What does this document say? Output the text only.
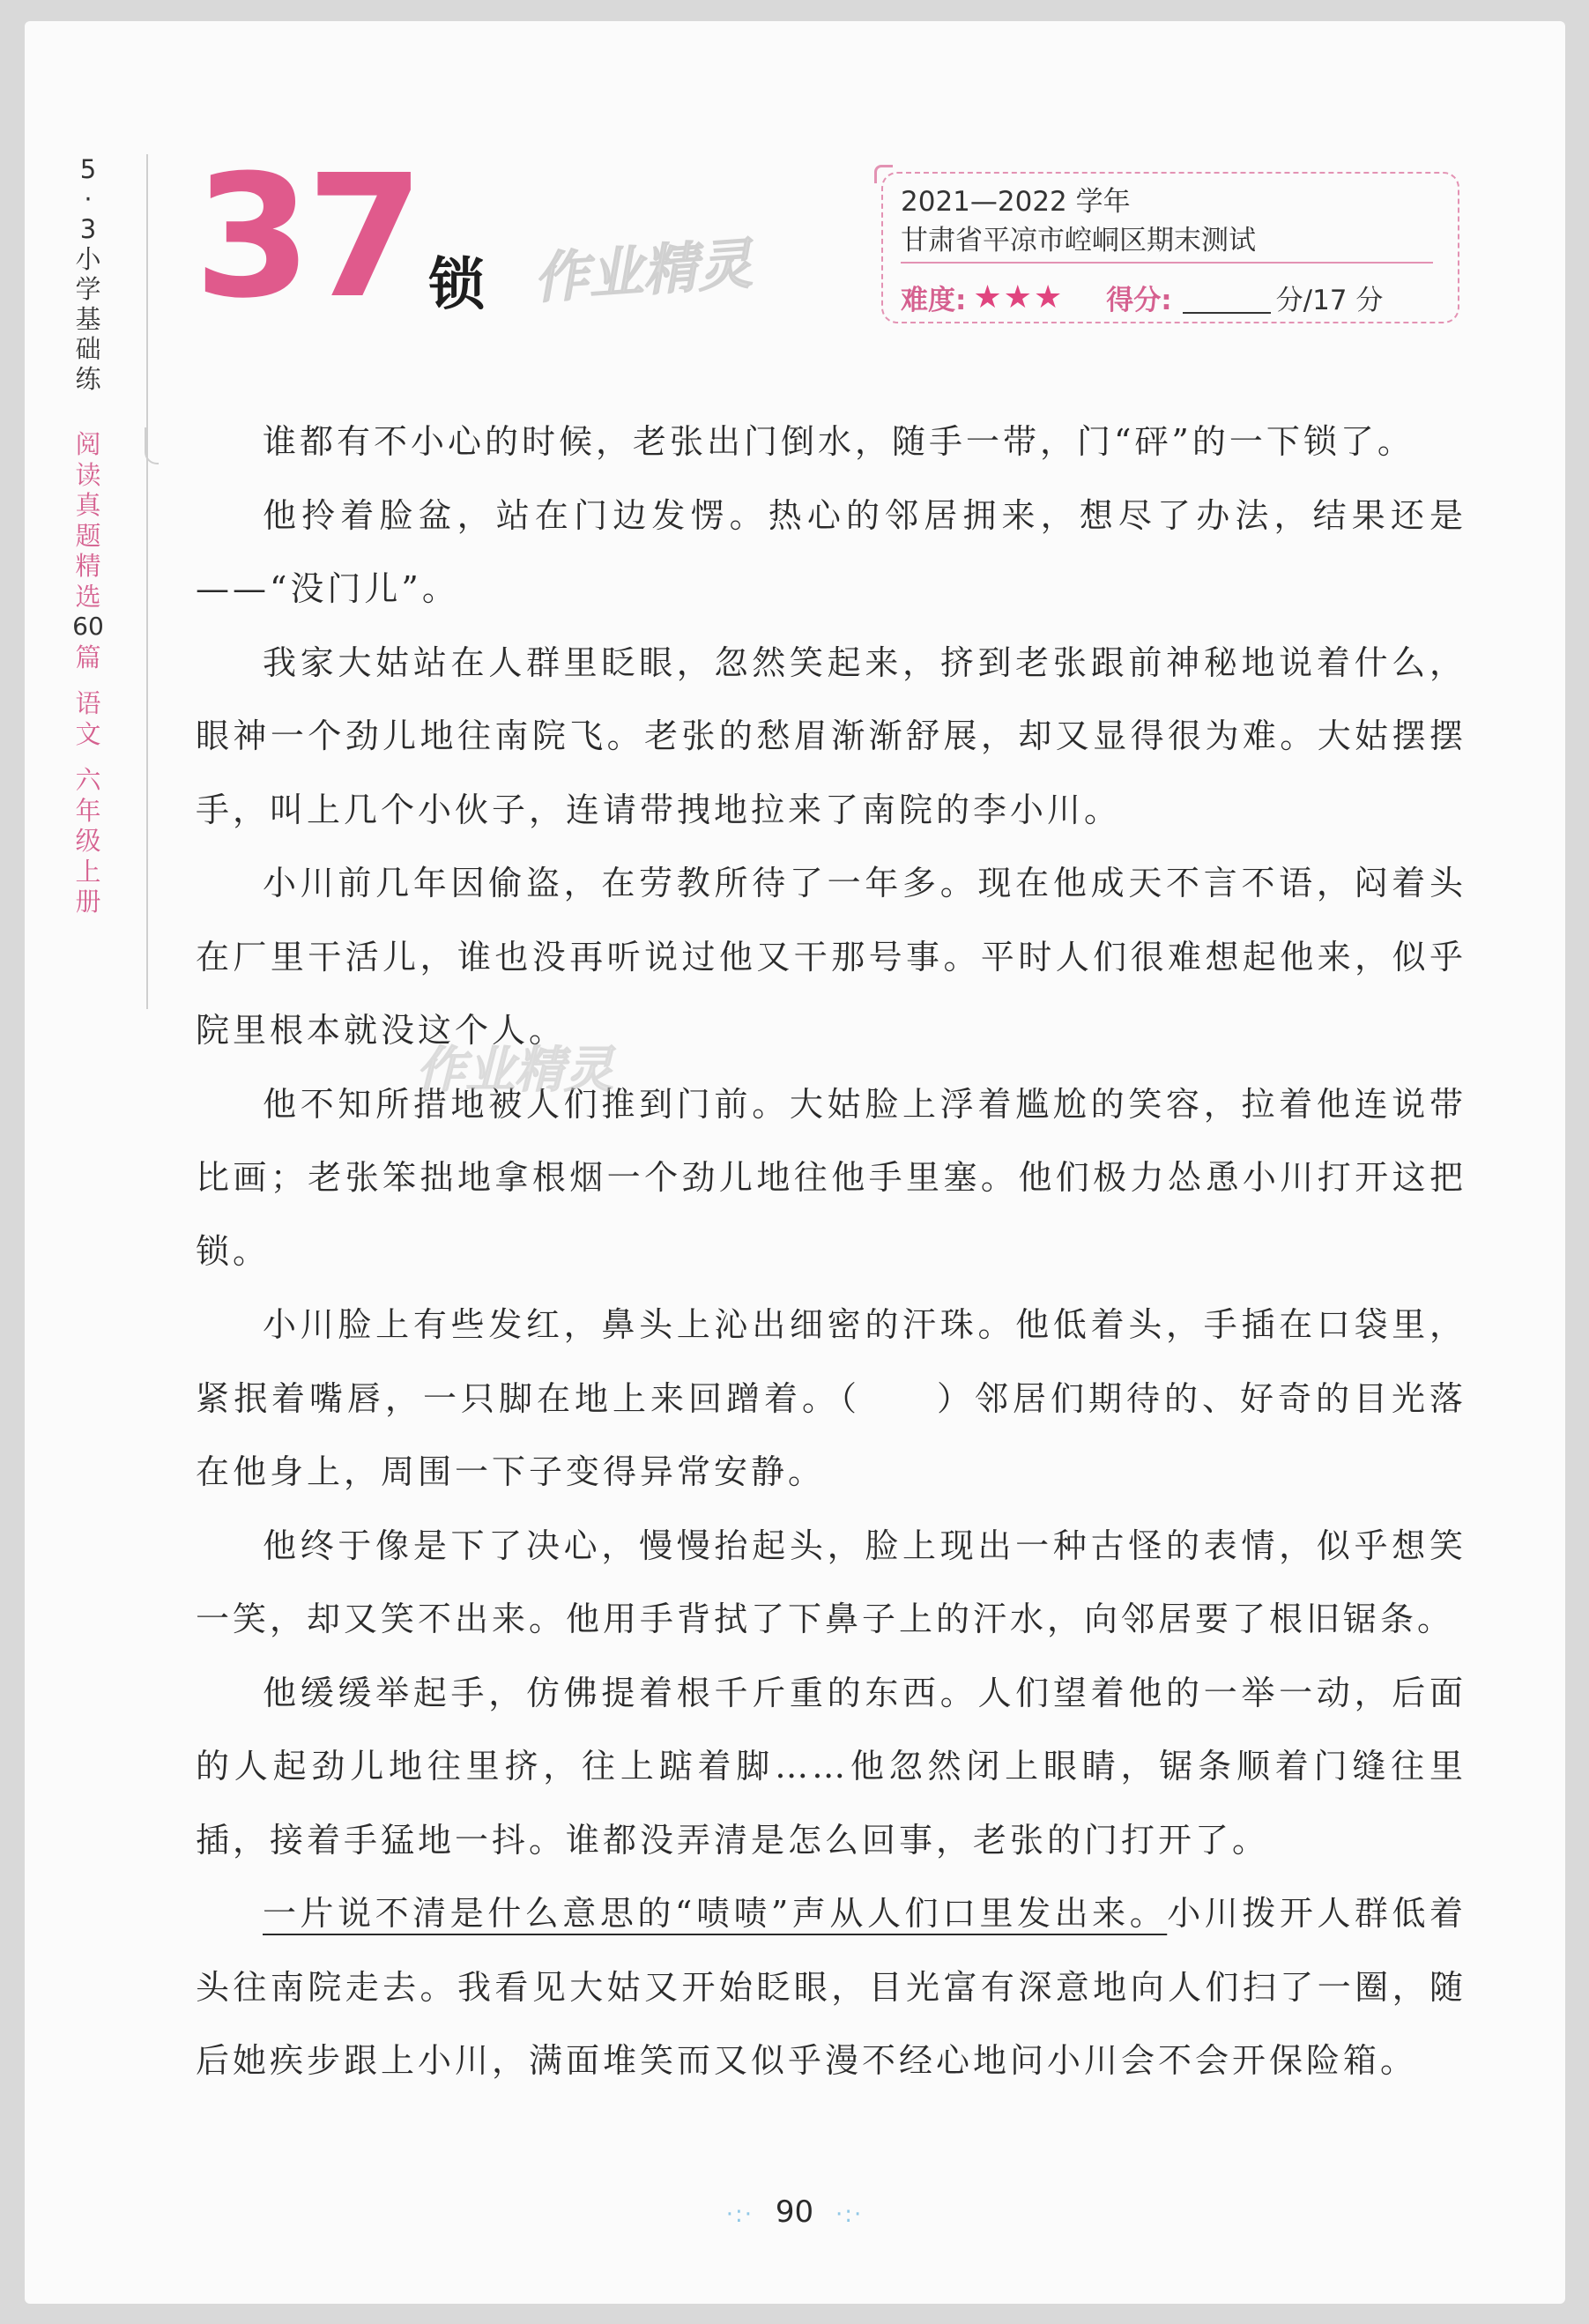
5
·
3
小
学
基
础
练
阅
读
真
题
精
选
60
篇
语
文
六
年
级
上
册
37 锁 作业精灵
2021—2022 学年
甘肃省平凉市崆峒区期末测试
难度: ★★★ 得分:	分/17 分

谁都有不小心的时候，老张出门倒水，随手一带，门“砰”的一下锁了。

他拎着脸盆，站在门边发愣。热心的邻居拥来，想尽了办法，结果还是——“没门儿”。

我家大姑站在人群里眨眼，忽然笑起来，挤到老张跟前神秘地说着什么，眼神一个劲儿地往南院飞。老张的愁眉渐渐舒展，却又显得很为难。大姑摆摆手，叫上几个小伙子，连请带拽地拉来了南院的李小川。

小川前几年因偷盗，在劳教所待了一年多。现在他成天不言不语，闷着头在厂里干活儿，谁也没再听说过他又干那号事。平时人们很难想起他来，似乎院里根本就没这个人。

他不知所措地被人们推到门前。大姑脸上浮着尴尬的笑容，拉着他连说带比画；老张笨拙地拿根烟一个劲儿地往他手里塞。他们极力怂恿小川打开这把锁。

小川脸上有些发红，鼻头上沁出细密的汗珠。他低着头，手插在口袋里，紧抿着嘴唇，一只脚在地上来回蹭着。（　　）邻居们期待的、好奇的目光落在他身上，周围一下子变得异常安静。

他终于像是下了决心，慢慢抬起头，脸上现出一种古怪的表情，似乎想笑一笑，却又笑不出来。他用手背拭了下鼻子上的汗水，向邻居要了根旧锯条。

他缓缓举起手，仿佛提着根千斤重的东西。人们望着他的一举一动，后面的人起劲儿地往里挤，往上踮着脚……他忽然闭上眼睛，锯条顺着门缝往里插，接着手猛地一抖。谁都没弄清是怎么回事，老张的门打开了。

一片说不清是什么意思的“啧啧”声从人们口里发出来。小川拨开人群低着头往南院走去。我看见大姑又开始眨眼，目光富有深意地向人们扫了一圈，随后她疾步跟上小川，满面堆笑而又似乎漫不经心地问小川会不会开保险箱。

作业精灵
·:· 90 ·:·
